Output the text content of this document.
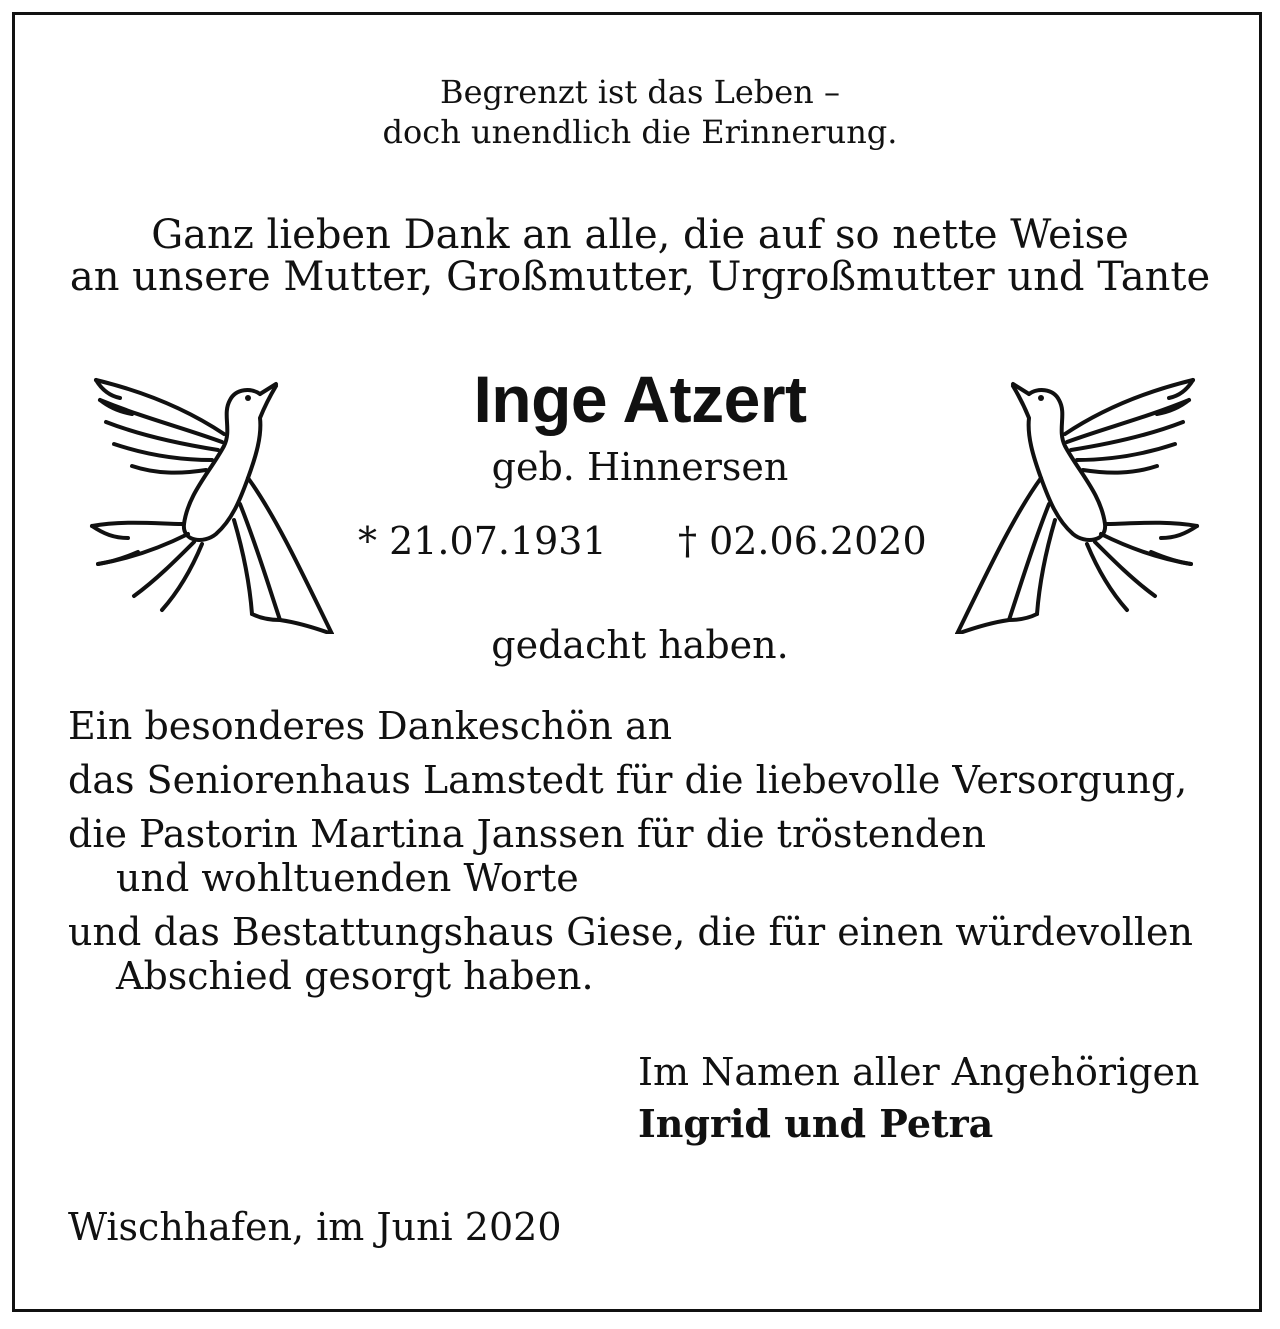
Begrenzt ist das Leben –
doch unendlich die Erinnerung.
Ganz lieben Dank an alle, die auf so nette Weise
an unsere Mutter, Großmutter, Urgroßmutter und Tante
Inge Atzert
geb. Hinnersen
* 21.07.1931 † 02.06.2020
gedacht haben.
Ein besonderes Dankeschön an
das Seniorenhaus Lamstedt für die liebevolle Versorgung,
die Pastorin Martina Janssen für die tröstenden
und wohltuenden Worte
und das Bestattungshaus Giese, die für einen würdevollen
Abschied gesorgt haben.
Im Namen aller Angehörigen
Ingrid und Petra
Wischhafen, im Juni 2020
